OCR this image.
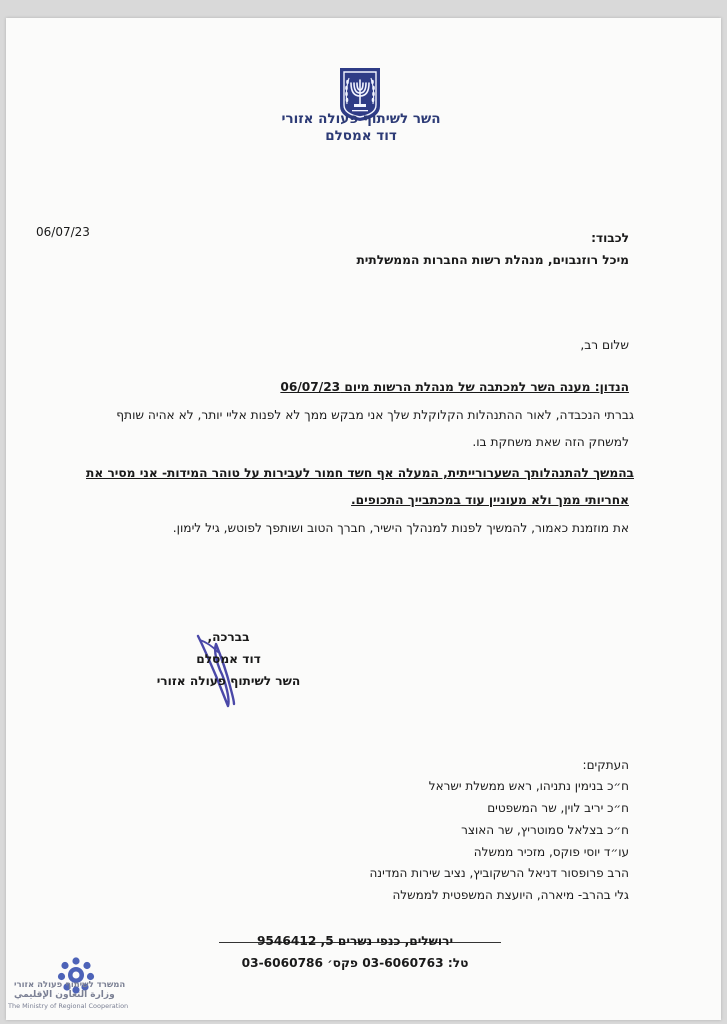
השר לשיתוף פעולה אזורי
דוד אמסלם
06/07/23	לכבוד:
מיכל רוזנבוים, מנהלת רשות החברות הממשלתית
שלום רב,
הנדון: מענה השר למכתבה של מנהלת הרשות מיום 06/07/23
גברתי הנכבדה, לאור ההתנהלות הקלוקלת שלך אני מבקש ממך לא לפנות אליי יותר, לא אהיה שותף
למשחק הזה שאת משחקת בו.
בהמשך להתנהלותך השערורייתית, המעלה אף חשד חמור לעבירות על טוהר המידות- אני מסיר את
אחריותי ממך ולא מעוניין עוד במכתבייך התכופים.
את מוזמנת כאמור, להמשיך לפנות למנהלך הישיר, חברך הטוב ושותפך לפוטש, גיל לימון.
בברכה,
דוד אמסלם
השר לשיתוף פעולה אזורי
העתקים:
ח״כ בנימין נתניהו, ראש ממשלת ישראל
ח״כ יריב לוין, שר המשפטים
ח״כ בצלאל סמוטריץ, שר האוצר
עו״ד יוסי פוקס, מזכיר ממשלה
הרב פרופסור דניאל הרשקוביץ, נציב שירות המדינה
גלי בהרב- מיארה, היועצת המשפטית לממשלה
ירושלים, כנפי נשרים 5, 9546412
טל: 03-6060763 פקס׳ 03-6060786
המשרד לשיתוף פעולה אזורי
وزارة التعاون الإقليمي
The Ministry of Regional Cooperation
